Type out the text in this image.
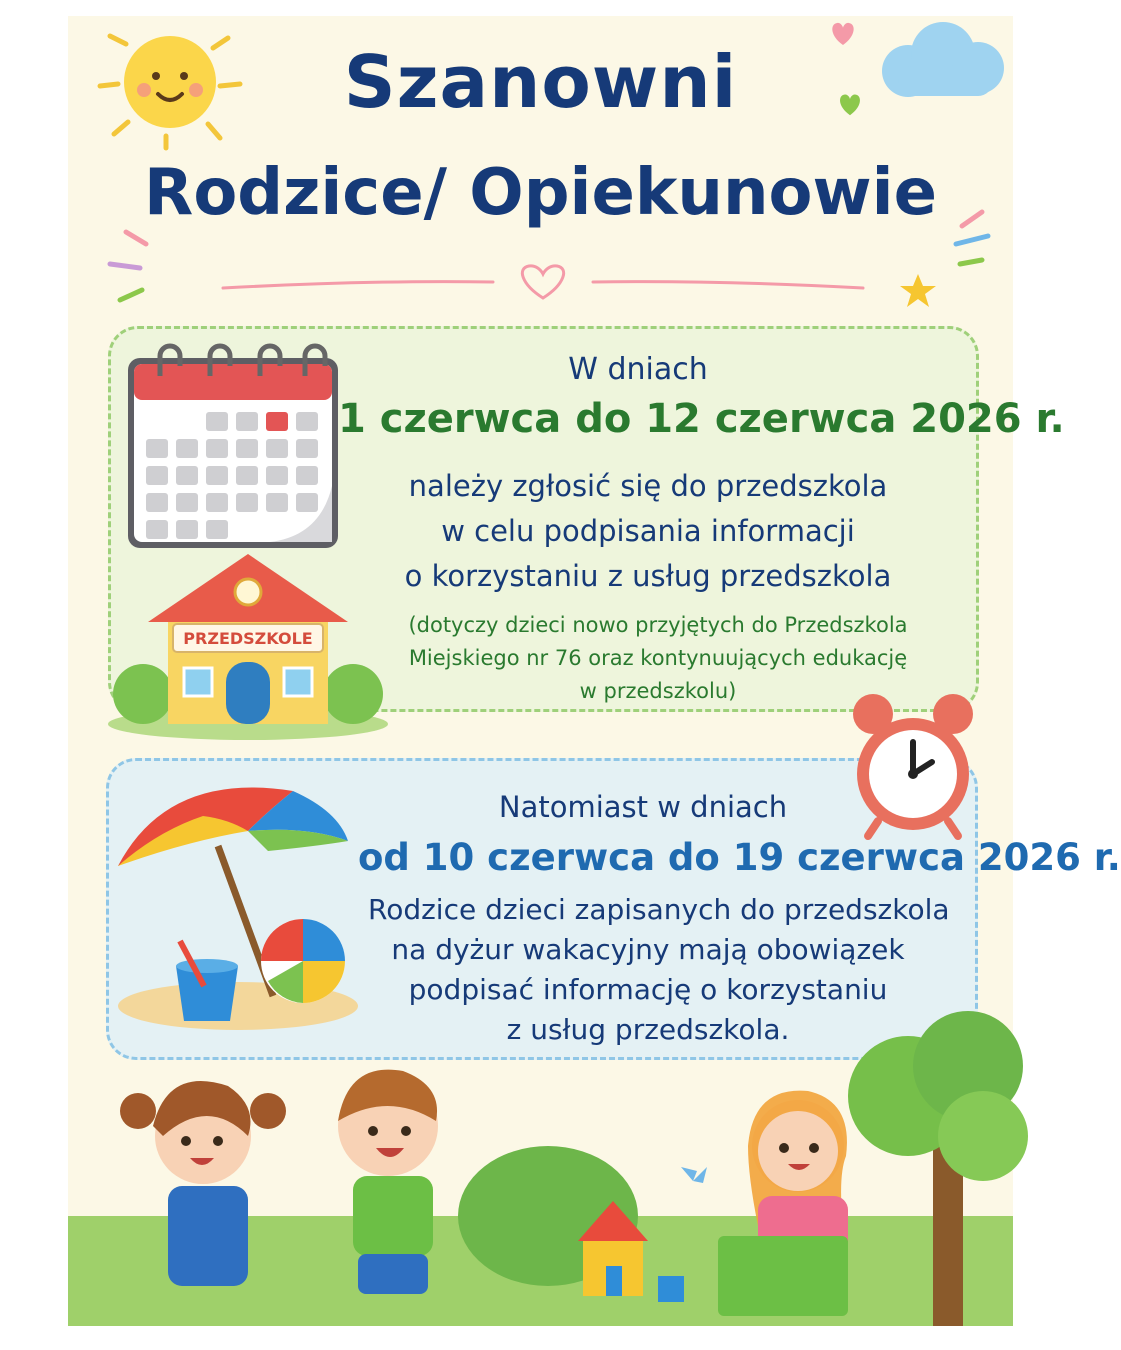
Szanowni
Rodzice/ Opiekunowie
PRZEDSZKOLE

W dniach

1 czerwca do 12 czerwca 2026 r.

należy zgłosić się do przedszkola
w celu podpisania informacji
o korzystaniu z usług przedszkola
(dotyczy dzieci nowo przyjętych do Przedszkola
Miejskiego nr 76 oraz kontynuujących edukację
w przedszkolu)

Natomiast w dniach

od 10 czerwca do 19 czerwca 2026 r.

Rodzice dzieci zapisanych do przedszkola
na dyżur wakacyjny mają obowiązek
podpisać informację o korzystaniu
z usług przedszkola.
